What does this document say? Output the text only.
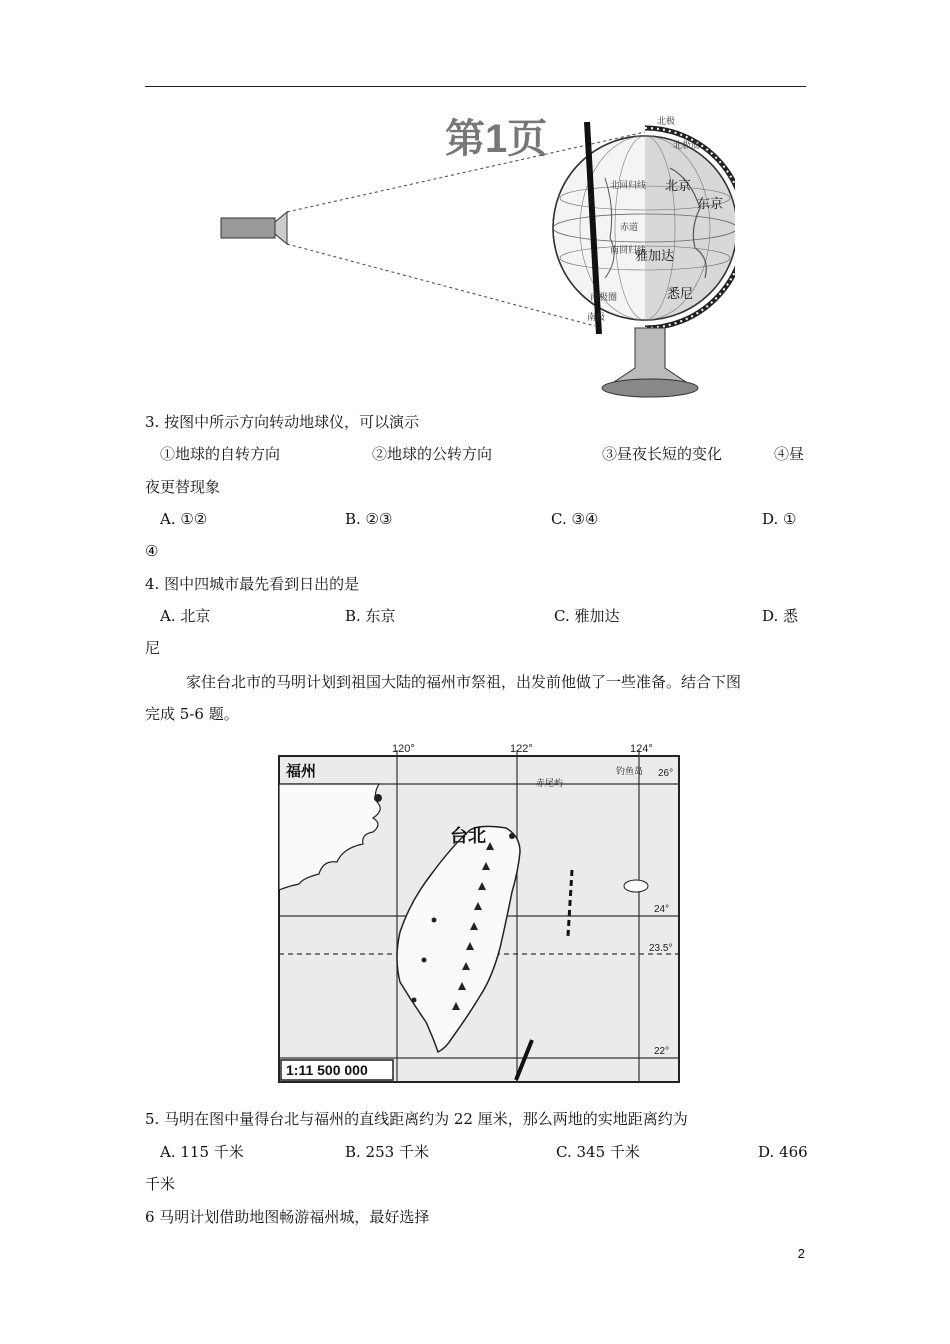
第1页	北极
北极圈
北回归线
赤道
南回归线
南极圈
南极
北京
东京
雅加达
悉尼
3. 按图中所示方向转动地球仪，可以演示
①地球的自转方向	②地球的公转方向	③昼夜长短的变化	④昼
夜更替现象
A. ①②	B. ②③	C. ③④	D. ①
④
4. 图中四城市最先看到日出的是
A. 北京	B. 东京	C. 雅加达	D. 悉
尼
家住台北市的马明计划到祖国大陆的福州市祭祖，出发前他做了一些准备。结合下图
完成 5-6 题。
120°	122°	124°
26°
24°
23.5°
22°
福州
台北
钓鱼岛
赤尾屿
1:11 500 000
5. 马明在图中量得台北与福州的直线距离约为 22 厘米，那么两地的实地距离约为
A. 115 千米	B. 253 千米	C. 345 千米	D. 466
千米
6 马明计划借助地图畅游福州城，最好选择
2
